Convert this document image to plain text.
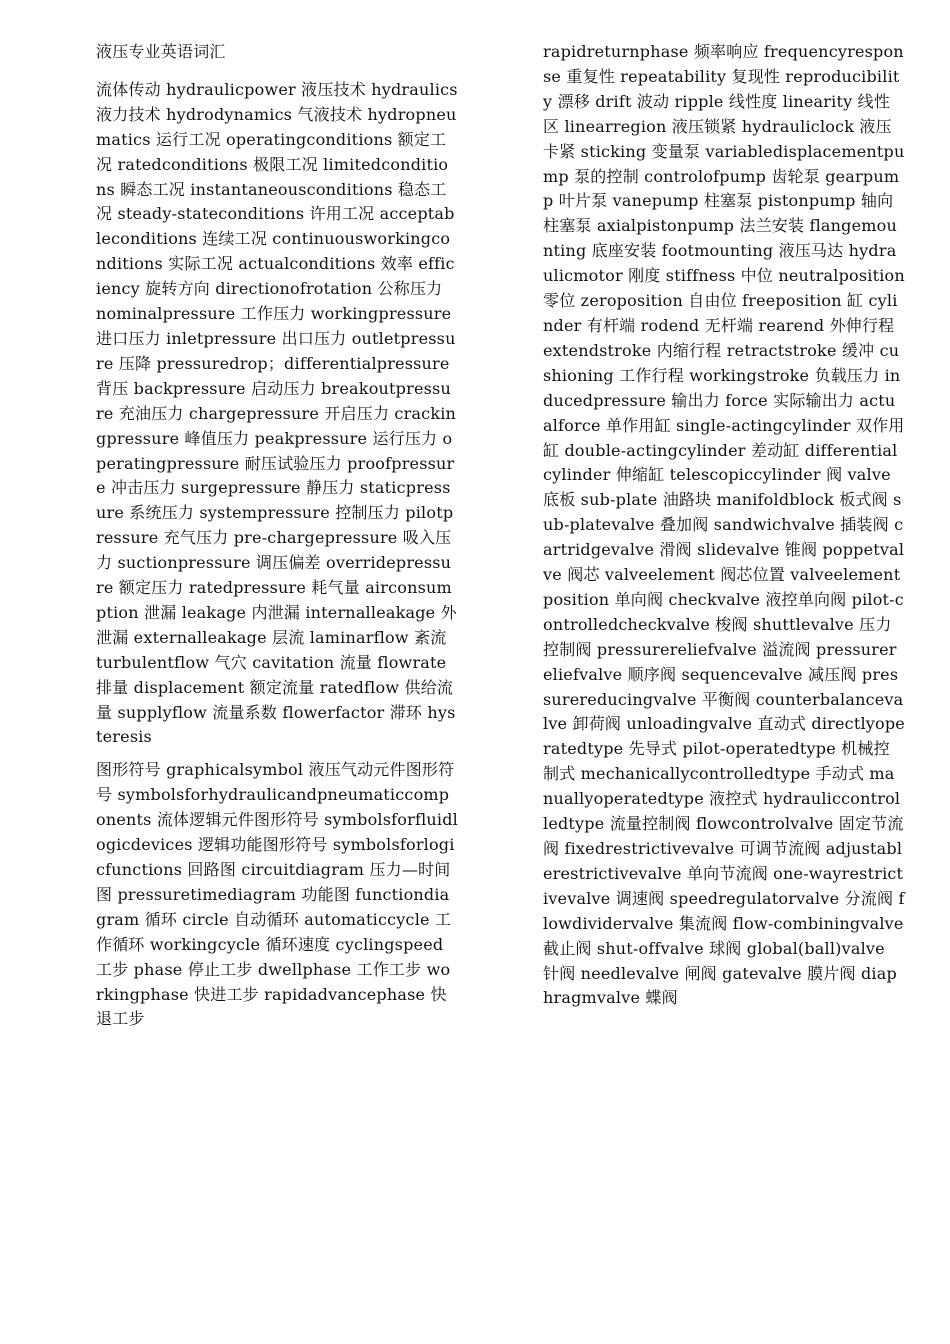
液压专业英语词汇

流体传动 hydraulicpower 液压技术 hydraulics 液力技术 hydrodynamics 气液技术 hydropneumatics 运行工况 operatingconditions 额定工况 ratedconditions 极限工况 limitedconditions 瞬态工况 instantaneousconditions 稳态工况 steady-stateconditions 许用工况 acceptableconditions 连续工况 continuousworkingconditions 实际工况 actualconditions 效率 efficiency 旋转方向 directionofrotation 公称压力 nominalpressure 工作压力 workingpressure 进口压力 inletpressure 出口压力 outletpressure 压降 pressuredrop；differentialpressure 背压 backpressure 启动压力 breakoutpressure 充油压力 chargepressure 开启压力 crackingpressure 峰值压力 peakpressure 运行压力 operatingpressure 耐压试验压力 proofpressure 冲击压力 surgepressure 静压力 staticpressure 系统压力 systempressure 控制压力 pilotpressure 充气压力 pre-chargepressure 吸入压力 suctionpressure 调压偏差 overridepressure 额定压力 ratedpressure 耗气量 airconsumption 泄漏 leakage 内泄漏 internalleakage 外泄漏 externalleakage 层流 laminarflow 紊流 turbulentflow 气穴 cavitation 流量 flowrate 排量 displacement 额定流量 ratedflow 供给流量 supplyflow 流量系数 flowerfactor 滞环 hysteresis

图形符号 graphicalsymbol 液压气动元件图形符号 symbolsforhydraulicandpneumaticcomponents 流体逻辑元件图形符号 symbolsforfluidlogicdevices 逻辑功能图形符号 symbolsforlogicfunctions 回路图 circuitdiagram 压力—时间图 pressuretimediagram 功能图 functiondiagram 循环 circle 自动循环 automaticcycle 工作循环 workingcycle 循环速度 cyclingspeed 工步 phase 停止工步 dwellphase 工作工步 workingphase 快进工步 rapidadvancephase 快退工步

rapidreturnphase 频率响应 frequencyresponse 重复性 repeatability 复现性 reproducibility 漂移 drift 波动 ripple 线性度 linearity 线性区 linearregion 液压锁紧 hydrauliclock 液压卡紧 sticking 变量泵 variabledisplacementpump 泵的控制 controlofpump 齿轮泵 gearpump 叶片泵 vanepump 柱塞泵 pistonpump 轴向柱塞泵 axialpistonpump 法兰安装 flangemounting 底座安装 footmounting 液压马达 hydraulicmotor 刚度 stiffness 中位 neutralposition 零位 zeroposition 自由位 freeposition 缸 cylinder 有杆端 rodend 无杆端 rearend 外伸行程 extendstroke 内缩行程 retractstroke 缓冲 cushioning 工作行程 workingstroke 负载压力 inducedpressure 输出力 force 实际输出力 actualforce 单作用缸 single-actingcylinder 双作用缸 double-actingcylinder 差动缸 differentialcylinder 伸缩缸 telescopiccylinder 阀 valve 底板 sub-plate 油路块 manifoldblock 板式阀 sub-platevalve 叠加阀 sandwichvalve 插装阀 cartridgevalve 滑阀 slidevalve 锥阀 poppetvalve 阀芯 valveelement 阀芯位置 valveelementposition 单向阀 checkvalve 液控单向阀 pilot-controlledcheckvalve 梭阀 shuttlevalve 压力控制阀 pressurereliefvalve 溢流阀 pressurereliefvalve 顺序阀 sequencevalve 减压阀 pressurereducingvalve 平衡阀 counterbalancevalve 卸荷阀 unloadingvalve 直动式 directlyoperatedtype 先导式 pilot-operatedtype 机械控制式 mechanicallycontrolledtype 手动式 manuallyoperatedtype 液控式 hydrauliccontrolledtype 流量控制阀 flowcontrolvalve 固定节流阀 fixedrestrictivevalve 可调节流阀 adjustablerestrictivevalve 单向节流阀 one-wayrestrictivevalve 调速阀 speedregulatorvalve 分流阀 flowdividervalve 集流阀 flow-combiningvalve 截止阀 shut-offvalve 球阀 global(ball)valve 针阀 needlevalve 闸阀 gatevalve 膜片阀 diaphragmvalve 蝶阀
